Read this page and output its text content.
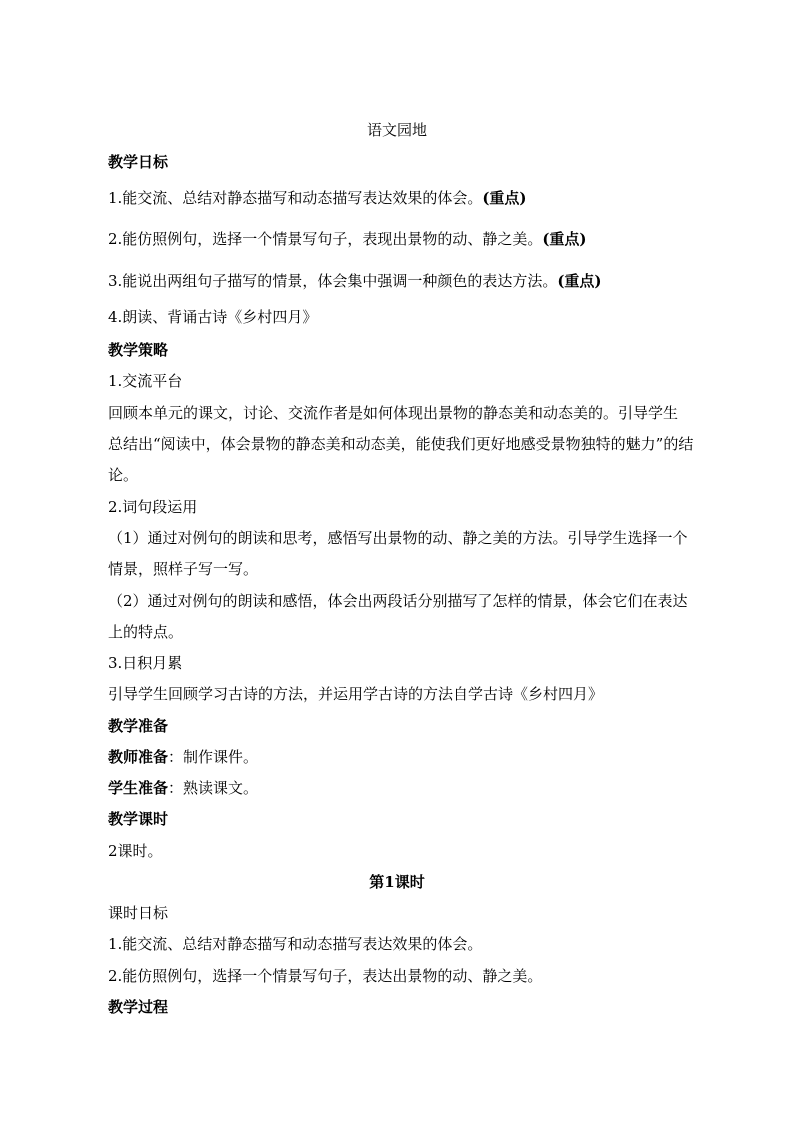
语文园地
教学日标
1.能交流、总结对静态描写和动态描写表达效果的体会。(重点)
2.能仿照例句，选择一个情景写句子，表现出景物的动、静之美。(重点)
3.能说出两组句子描写的情景，体会集中强调一种颜色的表达方法。(重点)
4.朗读、背诵古诗《乡村四月》
教学策略
1.交流平台
回顾本单元的课文，讨论、交流作者是如何体现出景物的静态美和动态美的。引导学生
总结出“阅读中，体会景物的静态美和动态美，能使我们更好地感受景物独特的魅力”的结
论。
2.词句段运用
（1）通过对例句的朗读和思考，感悟写出景物的动、静之美的方法。引导学生选择一个
情景，照样子写一写。
（2）通过对例句的朗读和感悟，体会出两段话分别描写了怎样的情景，体会它们在表达
上的特点。
3.日积月累
引导学生回顾学习古诗的方法，并运用学古诗的方法自学古诗《乡村四月》
教学准备
教师准备：制作课件。
学生准备：熟读课文。
教学课时
2课时。
第1课时
课时日标
1.能交流、总结对静态描写和动态描写表达效果的体会。
2.能仿照例句，选择一个情景写句子，表达出景物的动、静之美。
教学过程
